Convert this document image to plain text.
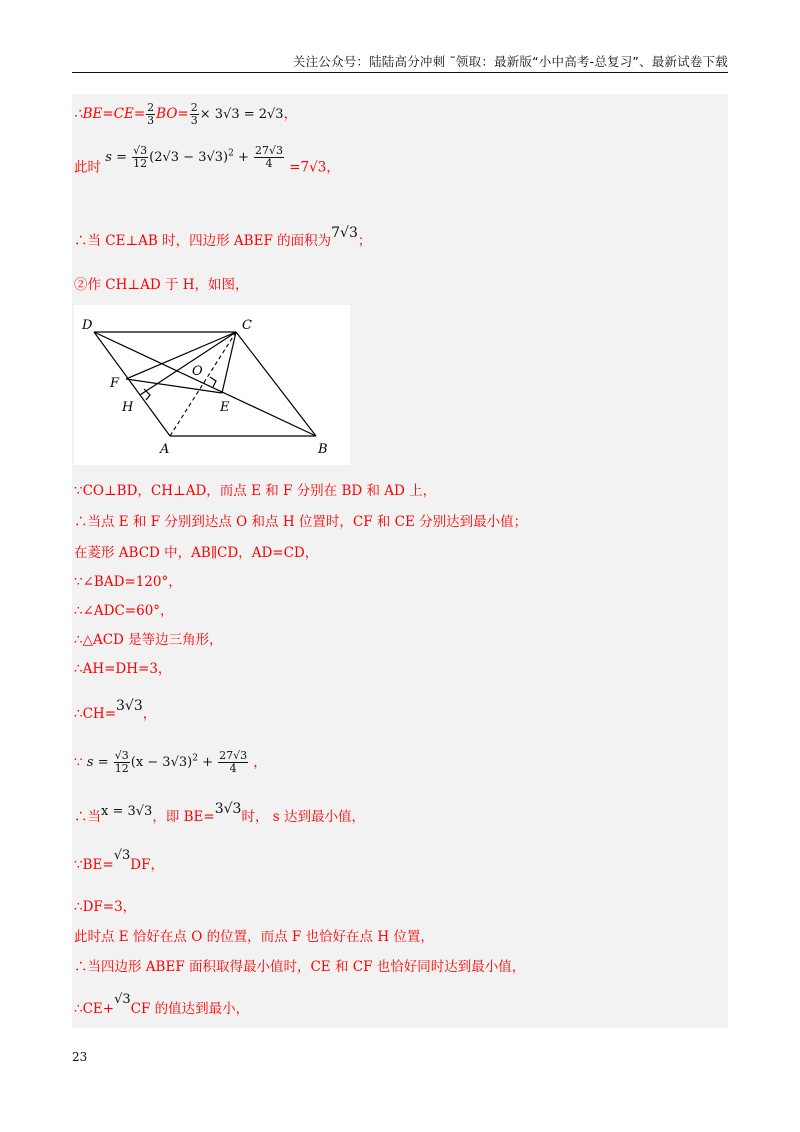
关注公众号：陆陆高分冲刺 ˜领取：最新版“小中高考-总复习”、最新试卷下载
∴BE=CE= $\frac{2}{3} BO= \frac{2}{3} \times 3√3 = 2√3$，
此时 $s = \frac{√3}{12} (2√3 - 3√3)^2 + \frac{27√3}{4} =7√3$，
∴当 CE⊥AB 时，四边形 ABEF 的面积为7√3；
②作 CH⊥AD 于 H，如图，
D	C
F
O
H	E
A	B
∵CO⊥BD，CH⊥AD，而点 E 和 F 分别在 BD 和 AD 上，
∴当点 E 和 F 分别到达点 O 和点 H 位置时，CF 和 CE 分别达到最小值；
在菱形 ABCD 中，AB∥CD，AD=CD，
∵∠BAD=120°，
∴∠ADC=60°，
∴△ACD 是等边三角形，
∴AH=DH=3，
∴CH=3√3，
∵ $s = \frac{√3}{12} (x - 3√3)^2 + \frac{27√3}{4}$ ，
∴当x = 3√3，即 BE=3√3时， s 达到最小值，
∵BE=√3DF，
∴DF=3，
此时点 E 恰好在点 O 的位置，而点 F 也恰好在点 H 位置，
∴当四边形 ABEF 面积取得最小值时，CE 和 CF 也恰好同时达到最小值，
∴CE+√3CF 的值达到最小，
23
